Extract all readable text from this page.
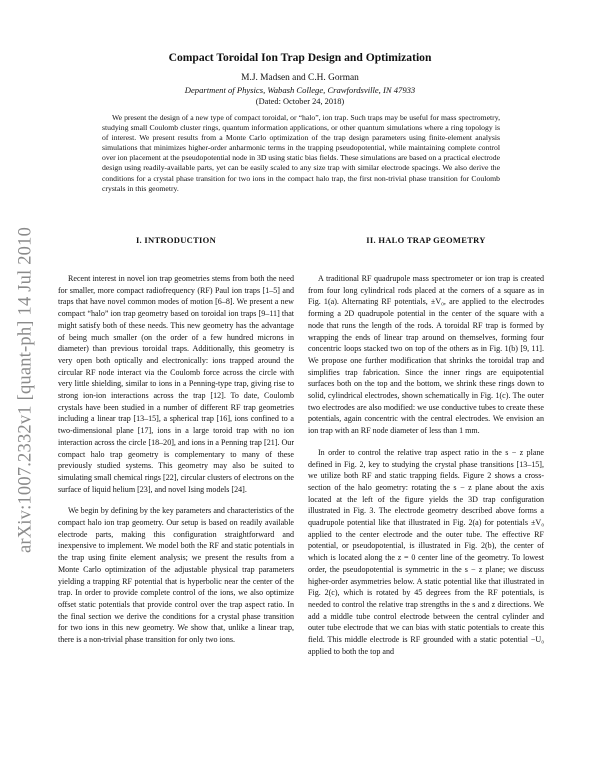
arXiv:1007.2332v1 [quant-ph] 14 Jul 2010
Compact Toroidal Ion Trap Design and Optimization
M.J. Madsen and C.H. Gorman
Department of Physics, Wabash College, Crawfordsville, IN 47933
(Dated: October 24, 2018)

We present the design of a new type of compact toroidal, or “halo”, ion trap. Such traps may be useful for mass spectrometry, studying small Coulomb cluster rings, quantum information applications, or other quantum simulations where a ring topology is of interest. We present results from a Monte Carlo optimization of the trap design parameters using finite-element analysis simulations that minimizes higher-order anharmonic terms in the trapping pseudopotential, while maintaining complete control over ion placement at the pseudopotential node in 3D using static bias fields. These simulations are based on a practical electrode design using readily-available parts, yet can be easily scaled to any size trap with similar electrode spacings. We also derive the conditions for a crystal phase transition for two ions in the compact halo trap, the first non-trivial phase transition for Coulomb crystals in this geometry.

I. INTRODUCTION

Recent interest in novel ion trap geometries stems from both the need for smaller, more compact radiofrequency (RF) Paul ion traps [1–5] and traps that have novel common modes of motion [6–8]. We present a new compact “halo” ion trap geometry based on toroidal ion traps [9–11] that might satisfy both of these needs. This new geometry has the advantage of being much smaller (on the order of a few hundred microns in diameter) than previous toroidal traps. Additionally, this geometry is very open both optically and electronically: ions trapped around the circular RF node interact via the Coulomb force across the circle with very little shielding, similar to ions in a Penning-type trap, giving rise to strong ion-ion interactions across the trap [12]. To date, Coulomb crystals have been studied in a number of different RF trap geometries including a linear trap [13–15], a spherical trap [16], ions confined to a two-dimensional plane [17], ions in a large toroid trap with no ion interaction across the circle [18–20], and ions in a Penning trap [21]. Our compact halo trap geometry is complementary to many of these previously studied systems. This geometry may also be suited to simulating small chemical rings [22], circular clusters of electrons on the surface of liquid helium [23], and novel Ising models [24].

We begin by defining by the key parameters and characteristics of the compact halo ion trap geometry. Our setup is based on readily available electrode parts, making this configuration straightforward and inexpensive to implement. We model both the RF and static potentials in the trap using finite element analysis; we present the results from a Monte Carlo optimization of the adjustable physical trap parameters yielding a trapping RF potential that is hyperbolic near the center of the trap. In order to provide complete control of the ions, we also optimize offset static potentials that provide control over the trap aspect ratio. In the final section we derive the conditions for a crystal phase transition for two ions in this new geometry. We show that, unlike a linear trap, there is a non-trivial phase transition for only two ions.

II. HALO TRAP GEOMETRY

A traditional RF quadrupole mass spectrometer or ion trap is created from four long cylindrical rods placed at the corners of a square as in Fig. 1(a). Alternating RF potentials, ±V₀, are applied to the electrodes forming a 2D quadrupole potential in the center of the square with a node that runs the length of the rods. A toroidal RF trap is formed by wrapping the ends of linear trap around on themselves, forming four concentric loops stacked two on top of the others as in Fig. 1(b) [9, 11]. We propose one further modification that shrinks the toroidal trap and simplifies trap fabrication. Since the inner rings are equipotential surfaces both on the top and the bottom, we shrink these rings down to solid, cylindrical electrodes, shown schematically in Fig. 1(c). The outer two electrodes are also modified: we use conductive tubes to create these potentials, again concentric with the central electrodes. We envision an ion trap with an RF node diameter of less than 1 mm.

In order to control the relative trap aspect ratio in the s − z plane defined in Fig. 2, key to studying the crystal phase transitions [13–15], we utilize both RF and static trapping fields. Figure 2 shows a cross-section of the halo geometry: rotating the s − z plane about the axis located at the left of the figure yields the 3D trap configuration illustrated in Fig. 3. The electrode geometry described above forms a quadrupole potential like that illustrated in Fig. 2(a) for potentials ±V₀ applied to the center electrode and the outer tube. The effective RF potential, or pseudopotential, is illustrated in Fig. 2(b), the center of which is located along the z = 0 center line of the geometry. To lowest order, the pseudopotential is symmetric in the s − z plane; we discuss higher-order asymmetries below. A static potential like that illustrated in Fig. 2(c), which is rotated by 45 degrees from the RF potentials, is needed to control the relative trap strengths in the s and z directions. We add a middle tube control electrode between the central cylinder and outer tube electrode that we can bias with static potentials to create this field. This middle electrode is RF grounded with a static potential −U₀ applied to both the top and
